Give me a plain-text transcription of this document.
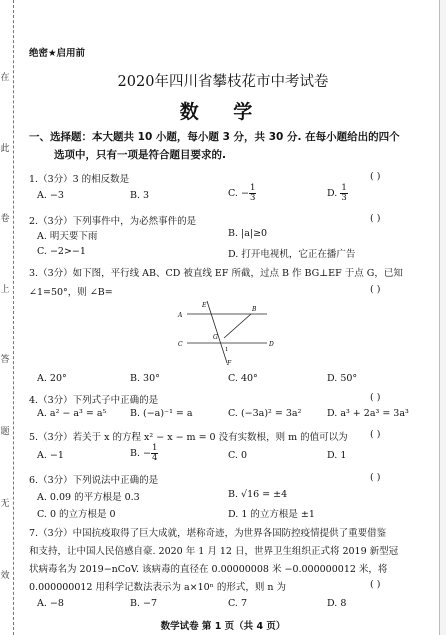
在
此
卷
上
答
题
无
效
绝密★启用前
2020年四川省攀枝花市中考试卷
数 学
一、选择题：本大题共 10 小题，每小题 3 分，共 30 分. 在每小题给出的四个
选项中，只有一项是符合题目要求的.
1.（3分）3 的相反数是	( )
A. −3	B. 3	C. − $\frac{1}{3}$	D. $\frac{1}{3}$
2.（3分）下列事件中，为必然事件的是	( )
A. 明天要下雨	B. |a|≥0
C. −2>−1	D. 打开电视机，它正在播广告
3.（3分）如下图，平行线 AB、CD 被直线 EF 所截，过点 B 作 BG⊥EF 于点 G，已知
∠1=50°，则 ∠B=	( )
E
A
B
C	D
G
F
1
A. 20°	B. 30°	C. 40°	D. 50°
4.（3分）下列式子中正确的是	( )
A. a² − a³ = a⁵ B. (−a)⁻¹ = a	C. (−3a)² = 3a²	D. a³ + 2a³ = 3a³
5.（3分）若关于 x 的方程 x² − x − m = 0 没有实数根，则 m 的值可以为 ( )
A. −1	B. − $\frac{1}{4}$	C. 0	D. 1
6.（3分）下列说法中正确的是	( )
A. 0.09 的平方根是 0.3	B. √16 = ±4
C. 0 的立方根是 0	D. 1 的立方根是 ±1
7.（3分）中国抗疫取得了巨大成就，堪称奇迹，为世界各国防控疫情提供了重要借鉴
和支持，让中国人民倍感自豪. 2020 年 1 月 12 日，世界卫生组织正式将 2019 新型冠
状病毒名为 2019−nCoV. 该病毒的直径在 0.00000008 米 −0.000000012 米，将
0.000000012 用科学记数法表示为 a×10ⁿ 的形式，则 n 为	( )
A. −8	B. −7	C. 7	D. 8
数学试卷 第 1 页（共 4 页）
